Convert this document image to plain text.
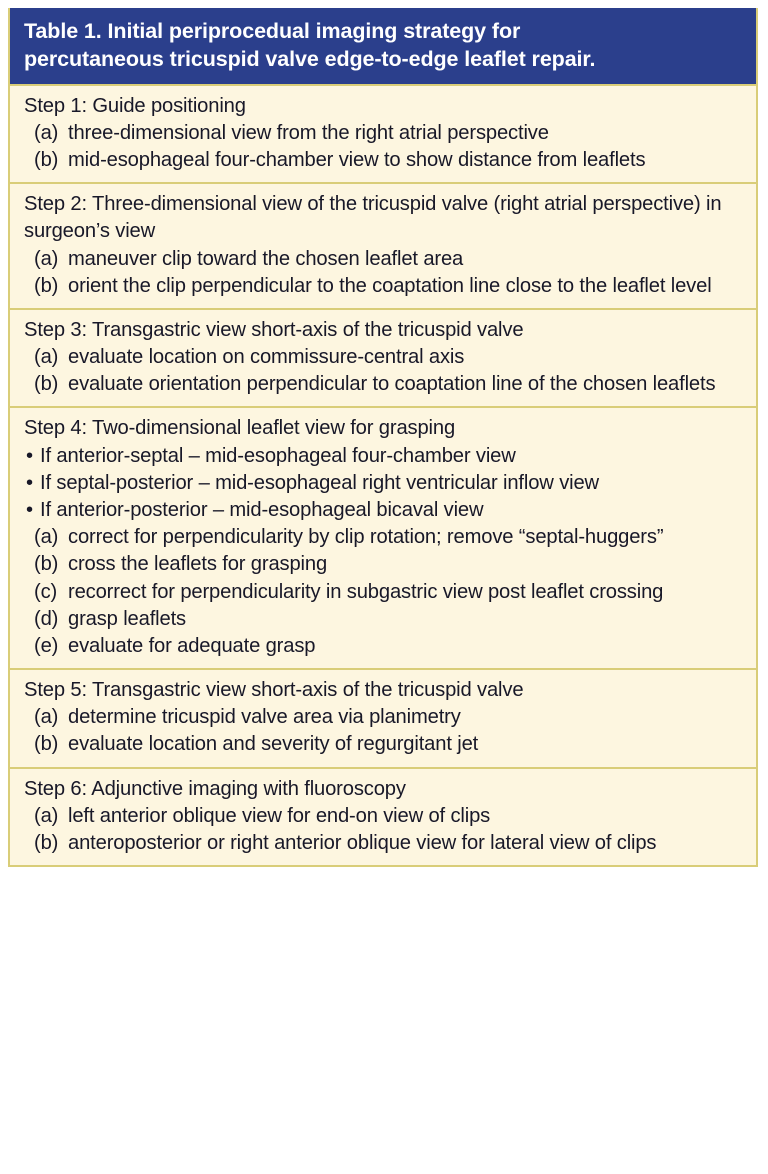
Table 1. Initial periprocedual imaging strategy for
percutaneous tricuspid valve edge-to-edge leaflet repair.
Step 1: Guide positioning
(a) three-dimensional view from the right atrial perspective
(b) mid-esophageal four-chamber view to show distance from leaflets
Step 2: Three-dimensional view of the tricuspid valve (right atrial perspective) in surgeon’s view
(a) maneuver clip toward the chosen leaflet area
(b) orient the clip perpendicular to the coaptation line close to the leaflet level
Step 3: Transgastric view short-axis of the tricuspid valve
(a) evaluate location on commissure-central axis
(b) evaluate orientation perpendicular to coaptation line of the chosen leaflets
Step 4: Two-dimensional leaflet view for grasping
• If anterior-septal – mid-esophageal four-chamber view
• If septal-posterior – mid-esophageal right ventricular inflow view
• If anterior-posterior – mid-esophageal bicaval view
(a) correct for perpendicularity by clip rotation; remove “septal-huggers”
(b) cross the leaflets for grasping
(c) recorrect for perpendicularity in subgastric view post leaflet crossing
(d) grasp leaflets
(e) evaluate for adequate grasp
Step 5: Transgastric view short-axis of the tricuspid valve
(a) determine tricuspid valve area via planimetry
(b) evaluate location and severity of regurgitant jet
Step 6: Adjunctive imaging with fluoroscopy
(a) left anterior oblique view for end-on view of clips
(b) anteroposterior or right anterior oblique view for lateral view of clips
